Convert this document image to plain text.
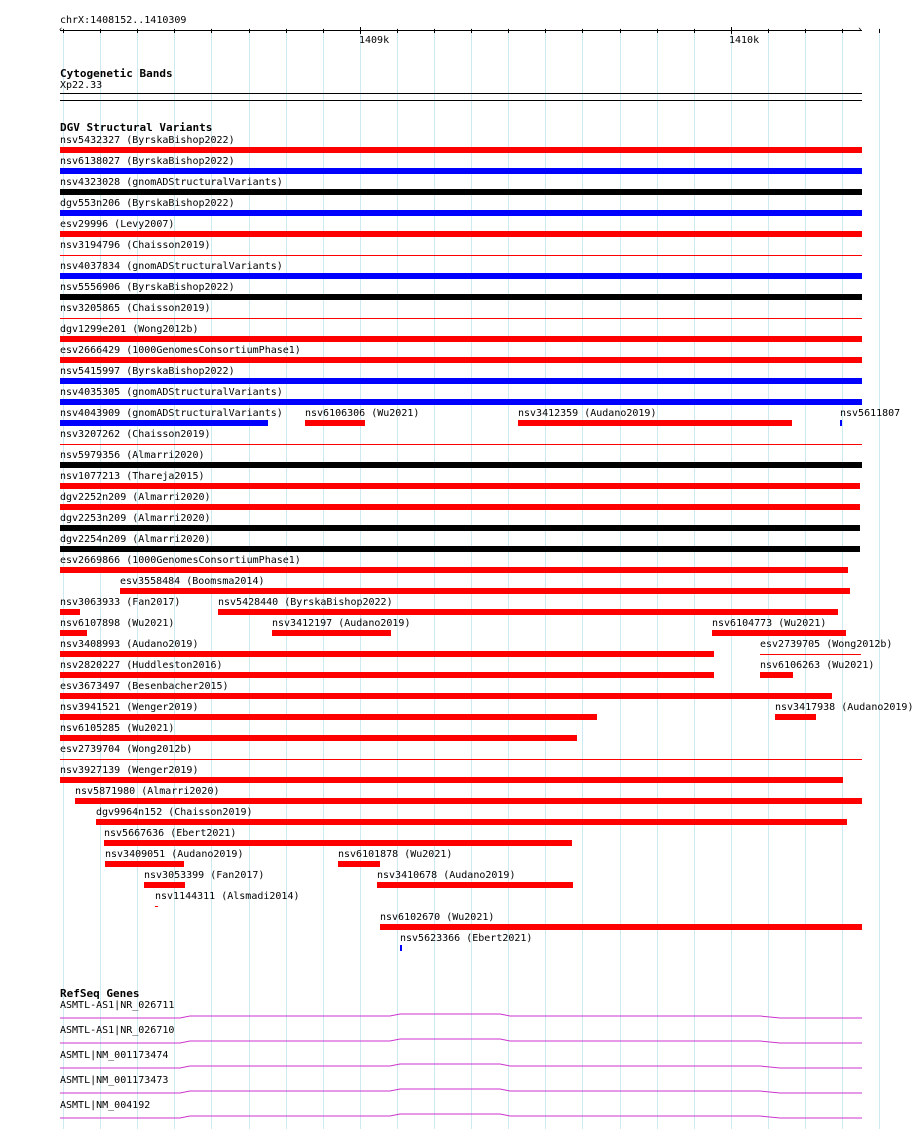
chrX:1408152..1410309
‹	›
1409k	1410k
Cytogenetic Bands
Xp22.33
DGV Structural Variants
nsv5432327 (ByrskaBishop2022)
nsv6138027 (ByrskaBishop2022)
nsv4323028 (gnomADStructuralVariants)
dgv553n206 (ByrskaBishop2022)
esv29996 (Levy2007)
nsv3194796 (Chaisson2019)
nsv4037834 (gnomADStructuralVariants)
nsv5556906 (ByrskaBishop2022)
nsv3205865 (Chaisson2019)
dgv1299e201 (Wong2012b)
esv2666429 (1000GenomesConsortiumPhase1)
nsv5415997 (ByrskaBishop2022)
nsv4035305 (gnomADStructuralVariants)
nsv4043909 (gnomADStructuralVariants) nsv6106306 (Wu2021)	nsv3412359 (Audano2019)	nsv5611807
nsv3207262 (Chaisson2019)
nsv5979356 (Almarri2020)
nsv1077213 (Thareja2015)
dgv2252n209 (Almarri2020)
dgv2253n209 (Almarri2020)
dgv2254n209 (Almarri2020)
esv2669866 (1000GenomesConsortiumPhase1)
esv3558484 (Boomsma2014)
nsv3063933 (Fan2017)	nsv5428440 (ByrskaBishop2022)
nsv6107898 (Wu2021)	nsv3412197 (Audano2019)	nsv6104773 (Wu2021)
nsv3408993 (Audano2019)	esv2739705 (Wong2012b)
nsv2820227 (Huddleston2016)	nsv6106263 (Wu2021)
esv3673497 (Besenbacher2015)
nsv3941521 (Wenger2019)	nsv3417938 (Audano2019)
nsv6105285 (Wu2021)
esv2739704 (Wong2012b)
nsv3927139 (Wenger2019)
nsv5871980 (Almarri2020)
dgv9964n152 (Chaisson2019)
nsv5667636 (Ebert2021)
nsv3409051 (Audano2019)	nsv6101878 (Wu2021)
nsv3053399 (Fan2017)	nsv3410678 (Audano2019)
nsv1144311 (Alsmadi2014)
nsv6102670 (Wu2021)
nsv5623366 (Ebert2021)
RefSeq Genes
ASMTL-AS1|NR_026711
ASMTL-AS1|NR_026710
ASMTL|NM_001173474
ASMTL|NM_001173473
ASMTL|NM_004192
